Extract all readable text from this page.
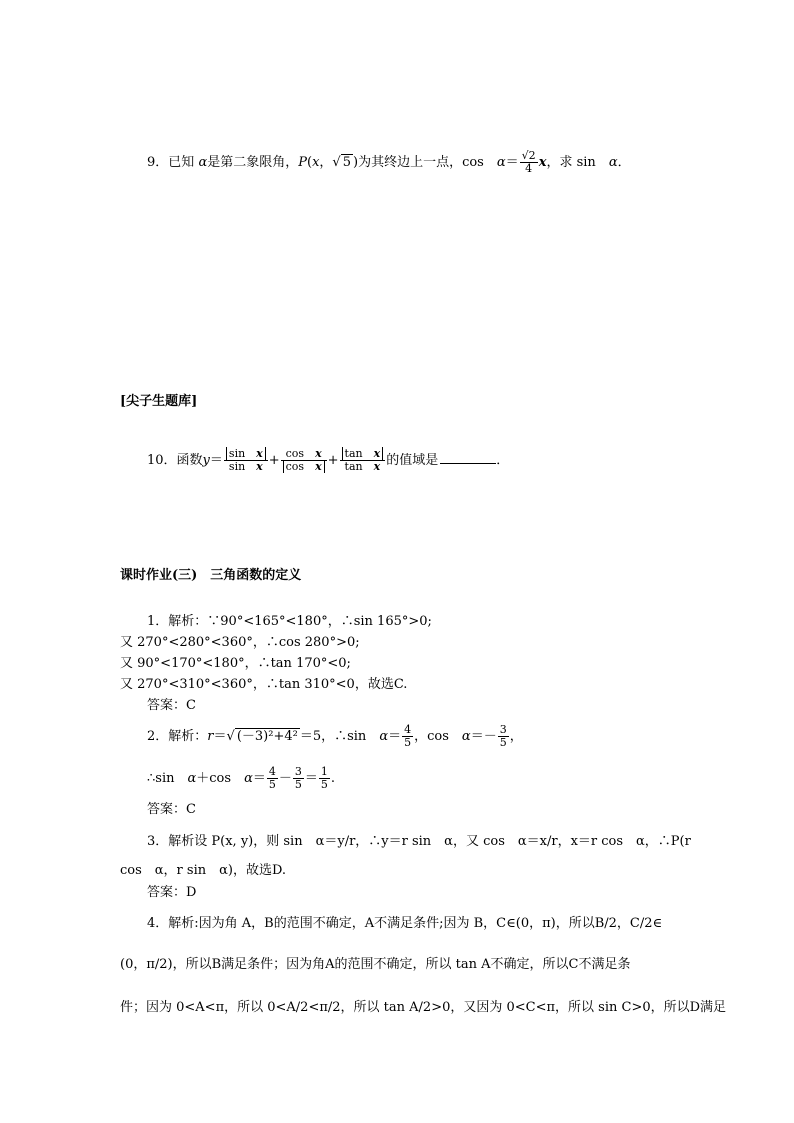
9．已知 α是第二象限角，P(x，√ 5 )为其终边上一点，cos　 $\alpha= \frac{√2}{4}$ x，求 sin　 α．
[尖子生题库]
10．函数$y= \frac{\text{sin　 x}}{\text{sin　 x}} + \frac{\text{cos　 x}}{\text{cos　 x}} + \frac{\text{tan　 x}}{\text{tan　 x}}$ 的值域是	．
课时作业(三)　三角函数的定义
1．解析：∵90°<165°<180°，∴sin 165°>0;
又 270°<280°<360°，∴cos 280°>0;
又 90°<170°<180°，∴tan 170°<0;
又 270°<310°<360°，∴tan 310°<0，故选C.
答案：C
2．解析：r＝√ (－3)²+4² ＝5，∴sin　 $\alpha= \frac{4}{5}$ ，cos　 $\alpha=- \frac{3}{5}$ ，
∴sin　 α＋cos　 $\alpha= \frac{4}{5} - \frac{3}{5} = \frac{1}{5}$ .
答案：C
3．解析设 P(x, y)，则 sin　α＝y/r，∴y＝r sin　α，又 cos　α＝x/r，x＝r cos　α，∴P(r
cos　α，r sin　α)，故选D.
答案：D
4．解析:因为角 A，B的范围不确定，A不满足条件;因为 B，C∈(0，π)，所以B/2，C/2∈
(0，π/2)，所以B满足条件；因为角A的范围不确定，所以 tan A不确定，所以C不满足条
件；因为 0<A<π，所以 0<A/2<π/2，所以 tan A/2>0，又因为 0<C<π，所以 sin C>0，所以D满足
